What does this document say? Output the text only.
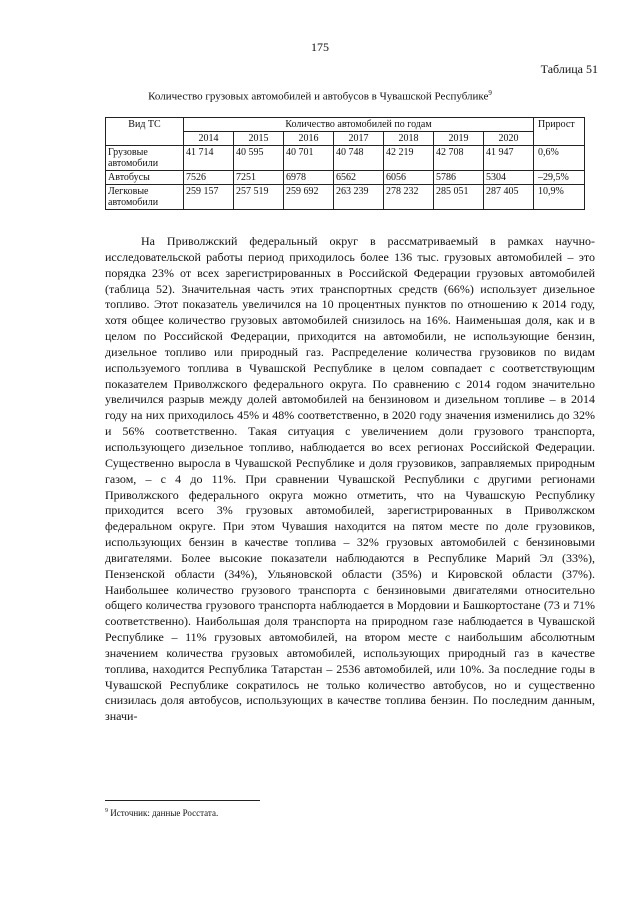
175
Таблица 51
Количество грузовых автомобилей и автобусов в Чувашской Республике$^9$
Вид ТС	Количество автомобилей по годам							Прирост
	2014	2015	2016	2017	2018	2019	2020	
Грузовые автомобили	41 714	40 595	40 701	40 748	42 219	42 708	41 947	0,6%
Автобусы	7526	7251	6978	6562	6056	5786	5304	–29,5%
Легковые автомобили	259 157	257 519	259 692	263 239	278 232	285 051	287 405	10,9%

На Приволжский федеральный округ в рассматриваемый в рамках научно-исследовательской работы период приходилось более 136 тыс. грузовых автомобилей – это порядка 23% от всех зарегистрированных в Российской Федерации грузовых автомобилей (таблица 52). Значительная часть этих транспортных средств (66%) использует дизельное топливо. Этот показатель увеличился на 10 процентных пунктов по отношению к 2014 году, хотя общее количество грузовых автомобилей снизилось на 16%. Наименьшая доля, как и в целом по Российской Федерации, приходится на автомобили, не использующие бензин, дизельное топливо или природный газ. Распределение количества грузовиков по видам используемого топлива в Чувашской Республике в целом совпадает с соответствующим показателем Приволжского федерального округа. По сравнению с 2014 годом значительно увеличился разрыв между долей автомобилей на бензиновом и дизельном топливе – в 2014 году на них приходилось 45% и 48% соответственно, в 2020 году значения изменились до 32% и 56% соответственно. Такая ситуация с увеличением доли грузового транспорта, использующего дизельное топливо, наблюдается во всех регионах Российской Федерации. Существенно выросла в Чувашской Республике и доля грузовиков, заправляемых природным газом, – с 4 до 11%. При сравнении Чувашской Республики с другими регионами Приволжского федерального округа можно отметить, что на Чувашскую Республику приходится всего 3% грузовых автомобилей, зарегистрированных в Приволжском федеральном округе. При этом Чувашия находится на пятом месте по доле грузовиков, использующих бензин в качестве топлива – 32% грузовых автомобилей с бензиновыми двигателями. Более высокие показатели наблюдаются в Республике Марий Эл (33%), Пензенской области (34%), Ульяновской области (35%) и Кировской области (37%). Наибольшее количество грузового транспорта с бензиновыми двигателями относительно общего количества грузового транспорта наблюдается в Мордовии и Башкортостане (73 и 71% соответственно). Наибольшая доля транспорта на природном газе наблюдается в Чувашской Республике – 11% грузовых автомобилей, на втором месте с наибольшим абсолютным значением количества грузовых автомобилей, использующих природный газ в качестве топлива, находится Республика Татарстан – 2536 автомобилей, или 10%. За последние годы в Чувашской Республике сократилось не только количество автобусов, но и существенно снизилась доля автобусов, использующих в качестве топлива бензин. По последним данным, значи-

$^9$ Источник: данные Росстата.
